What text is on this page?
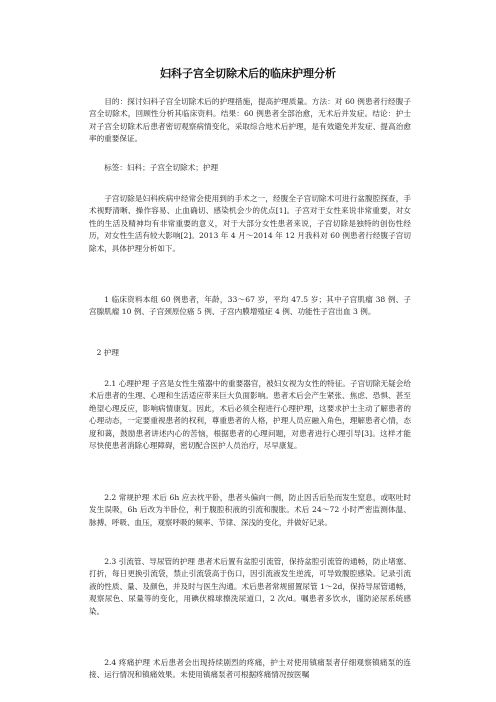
妇科子宫全切除术后的临床护理分析

目的：探讨妇科子宫全切除术后的护理措施，提高护理质量。方法：对 60 例患者行经腹子宫全切除术，回顾性分析其临床资料。结果：60 例患者全部治愈，无术后并发症。结论：护士对子宫全切除术后患者密切观察病情变化，采取综合地术后护理，是有效避免并发症、提高治愈率的重要保证。

标签：妇科；子宫全切除术；护理

子宫切除是妇科疾病中经常会使用到的手术之一，经腹全子宫切除术可进行盆腹腔探查，手术视野清晰、操作容易、止血确切、感染机会少的优点[1]。子宫对于女性来说非常重要，对女性的生活及精神均有非常重要的意义，对于大部分女性患者来说，子宫切除是独特的创伤性经历，对女性生活有较大影响[2]。2013 年 4 月～2014 年 12 月我科对 60 例患者行经腹子宫切除术，具体护理分析如下。

1 临床资料本组 60 例患者，年龄，33～67 岁，平均 47.5 岁；其中子宫肌瘤 38 例、子宫腺肌瘤 10 例、子宫颈原位癌 5 例、子宫内膜增殖症 4 例、功能性子宫出血 3 例。

2 护理

2.1 心理护理 子宫是女性生殖器中的重要器官，被妇女视为女性的特征。子宫切除无疑会给术后患者的生理、心理和生活适应带来巨大负面影响。患者术后会产生紧张、焦虑、恐惧、甚至绝望心理反应，影响病情康复。因此，术后必须全程进行心理护理，这要求护士主动了解患者的心理动态，一定要重视患者的权利，尊重患者的人格，护理人员应融入角色，理解患者心情，态度和蔼，鼓励患者讲述内心的苦恼，根据患者的心理问题，对患者进行心理引导[3]。这样才能尽快使患者消除心理障碍，密切配合医护人员治疗，尽早康复。

2.2 常规护理 术后 6h 应去枕平卧，患者头偏向一侧，防止因舌后坠而发生窒息，或呕吐时发生误吸，6h 后改为半卧位，利于腹腔积液的引流和腹胀。术后 24～72 小时严密监测体温、脉搏、呼吸、血压，观察呼吸的频率、节律、深浅的变化，并做好记录。

2.3 引流管、导尿管的护理 患者术后置有盆腔引流管，保持盆腔引流管的通畅，防止堵塞、打折，每日更换引流袋，禁止引流袋高于伤口，因引流液发生逆流，可导致腹腔感染。记录引流液的性质、量、及颜色，并及时与医生沟通。术后患者常规留置尿管 1～2d，保持导尿管通畅，观察尿色、尿量等的变化，用碘伏棉球擦洗尿道口，2 次/d。嘱患者多饮水，谨防泌尿系统感染。

2.4 疼痛护理 术后患者会出现持续剧烈的疼痛，护士对使用镇痛泵者仔细观察镇痛泵的连接、运行情况和镇痛效果。未使用镇痛泵者可根据疼痛情况按医嘱
